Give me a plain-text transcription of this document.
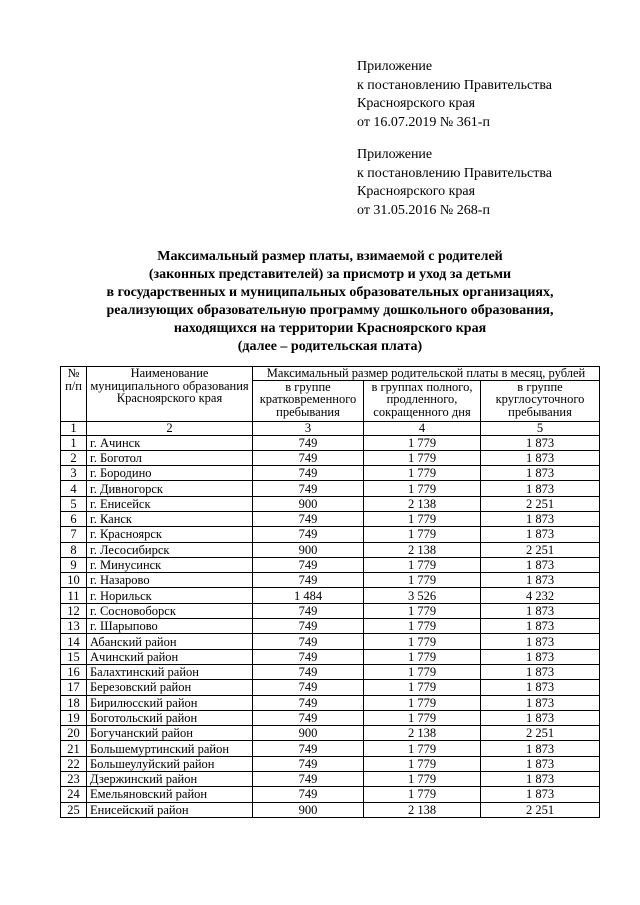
Приложение
к постановлению Правительства
Красноярского края
от 16.07.2019 № 361-п
Приложение
к постановлению Правительства
Красноярского края
от 31.05.2016 № 268-п
Максимальный размер платы, взимаемой с родителей
(законных представителей) за присмотр и уход за детьми
в государственных и муниципальных образовательных организациях,
реализующих образовательную программу дошкольного образования,
находящихся на территории Красноярского края
(далее – родительская плата)
№ п/п	Наименование муниципального образования Красноярского края	Максимальный размер родительской платы в месяц, рублей		
		в группе кратковременного пребывания	в группах полного, продленного, сокращенного дня	в группе круглосуточного пребывания
1	2	3	4	5
1	г. Ачинск	749	1 779	1 873
2	г. Боготол	749	1 779	1 873
3	г. Бородино	749	1 779	1 873
4	г. Дивногорск	749	1 779	1 873
5	г. Енисейск	900	2 138	2 251
6	г. Канск	749	1 779	1 873
7	г. Красноярск	749	1 779	1 873
8	г. Лесосибирск	900	2 138	2 251
9	г. Минусинск	749	1 779	1 873
10	г. Назарово	749	1 779	1 873
11	г. Норильск	1 484	3 526	4 232
12	г. Сосновоборск	749	1 779	1 873
13	г. Шарыпово	749	1 779	1 873
14	Абанский район	749	1 779	1 873
15	Ачинский район	749	1 779	1 873
16	Балахтинский район	749	1 779	1 873
17	Березовский район	749	1 779	1 873
18	Бирилюсский район	749	1 779	1 873
19	Боготольский район	749	1 779	1 873
20	Богучанский район	900	2 138	2 251
21	Большемуртинский район	749	1 779	1 873
22	Большеулуйский район	749	1 779	1 873
23	Дзержинский район	749	1 779	1 873
24	Емельяновский район	749	1 779	1 873
25	Енисейский район	900	2 138	2 251
